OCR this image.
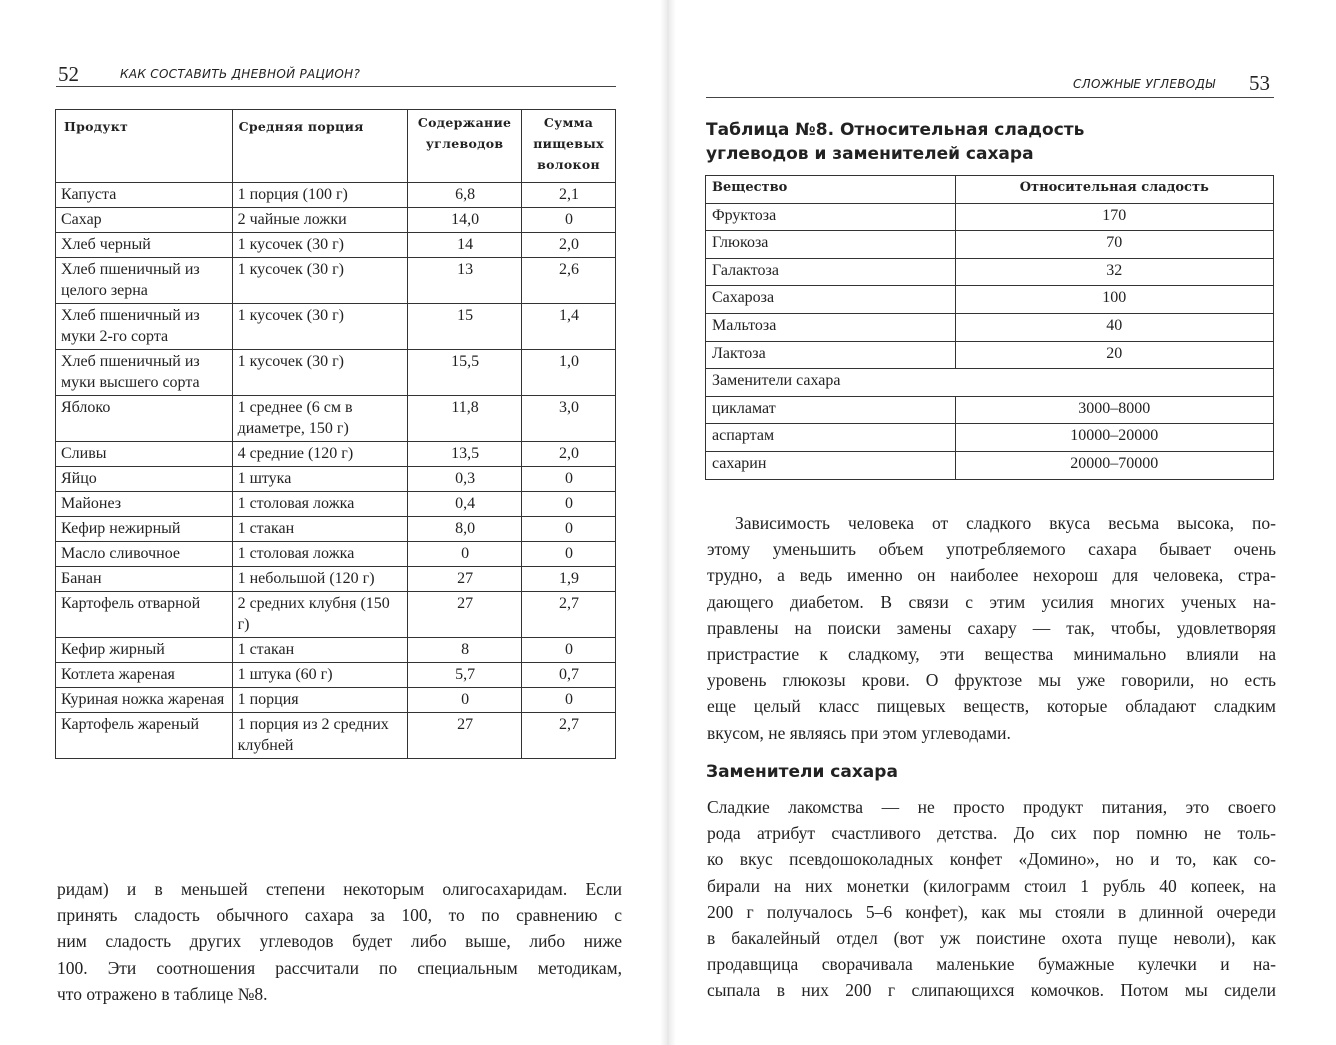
52	КАК СОСТАВИТЬ ДНЕВНОЙ РАЦИОН?
Продукт	Средняя порция	Содержание углеводов	Сумма пищевых волокон
Капуста	1 порция (100 г)	6,8	2,1
Сахар	2 чайные ложки	14,0	0
Хлеб черный	1 кусочек (30 г)	14	2,0
Хлеб пшеничный из целого зерна	1 кусочек (30 г)	13	2,6
Хлеб пшеничный из муки 2-го сорта	1 кусочек (30 г)	15	1,4
Хлеб пшеничный из муки высшего сорта	1 кусочек (30 г)	15,5	1,0
Яблоко	1 среднее (6 см в диаметре, 150 г)	11,8	3,0
Сливы	4 средние (120 г)	13,5	2,0
Яйцо	1 штука	0,3	0
Майонез	1 столовая ложка	0,4	0
Кефир нежирный	1 стакан	8,0	0
Масло сливочное	1 столовая ложка	0	0
Банан	1 небольшой (120 г)	27	1,9
Картофель отварной	2 средних клубня (150 г)	27	2,7
Кефир жирный	1 стакан	8	0
Котлета жареная	1 штука (60 г)	5,7	0,7
Куриная ножка жареная	1 порция	0	0
Картофель жареный	1 порция из 2 средних клубней	27	2,7
ридам) и в меньшей степени некоторым олигосахаридам. Если
принять сладость обычного сахара за 100, то по сравнению с
ним сладость других углеводов будет либо выше, либо ниже
100. Эти соотношения рассчитали по специальным методикам,
что отражено в таблице №8.
СЛОЖНЫЕ УГЛЕВОДЫ 53
Таблица №8. Относительная сладость
углеводов и заменителей сахара
Вещество	Относительная сладость
Фруктоза	170
Глюкоза	70
Галактоза	32
Сахароза	100
Мальтоза	40
Лактоза	20
Заменители сахара	
цикламат	3000–8000
аспартам	10000–20000
сахарин	20000–70000
Зависимость человека от сладкого вкуса весьма высока, по-
этому уменьшить объем употребляемого сахара бывает очень
трудно, а ведь именно он наиболее нехорош для человека, стра-
дающего диабетом. В связи с этим усилия многих ученых на-
правлены на поиски замены сахару — так, чтобы, удовлетворяя
пристрастие к сладкому, эти вещества минимально влияли на
уровень глюкозы крови. О фруктозе мы уже говорили, но есть
еще целый класс пищевых веществ, которые обладают сладким
вкусом, не являясь при этом углеводами.
Заменители сахара
Сладкие лакомства — не просто продукт питания, это своего
рода атрибут счастливого детства. До сих пор помню не толь-
ко вкус псевдошоколадных конфет «Домино», но и то, как со-
бирали на них монетки (килограмм стоил 1 рубль 40 копеек, на
200 г получалось 5–6 конфет), как мы стояли в длинной очереди
в бакалейный отдел (вот уж поистине охота пуще неволи), как
продавщица сворачивала маленькие бумажные кулечки и на-
сыпала в них 200 г слипающихся комочков. Потом мы сидели
